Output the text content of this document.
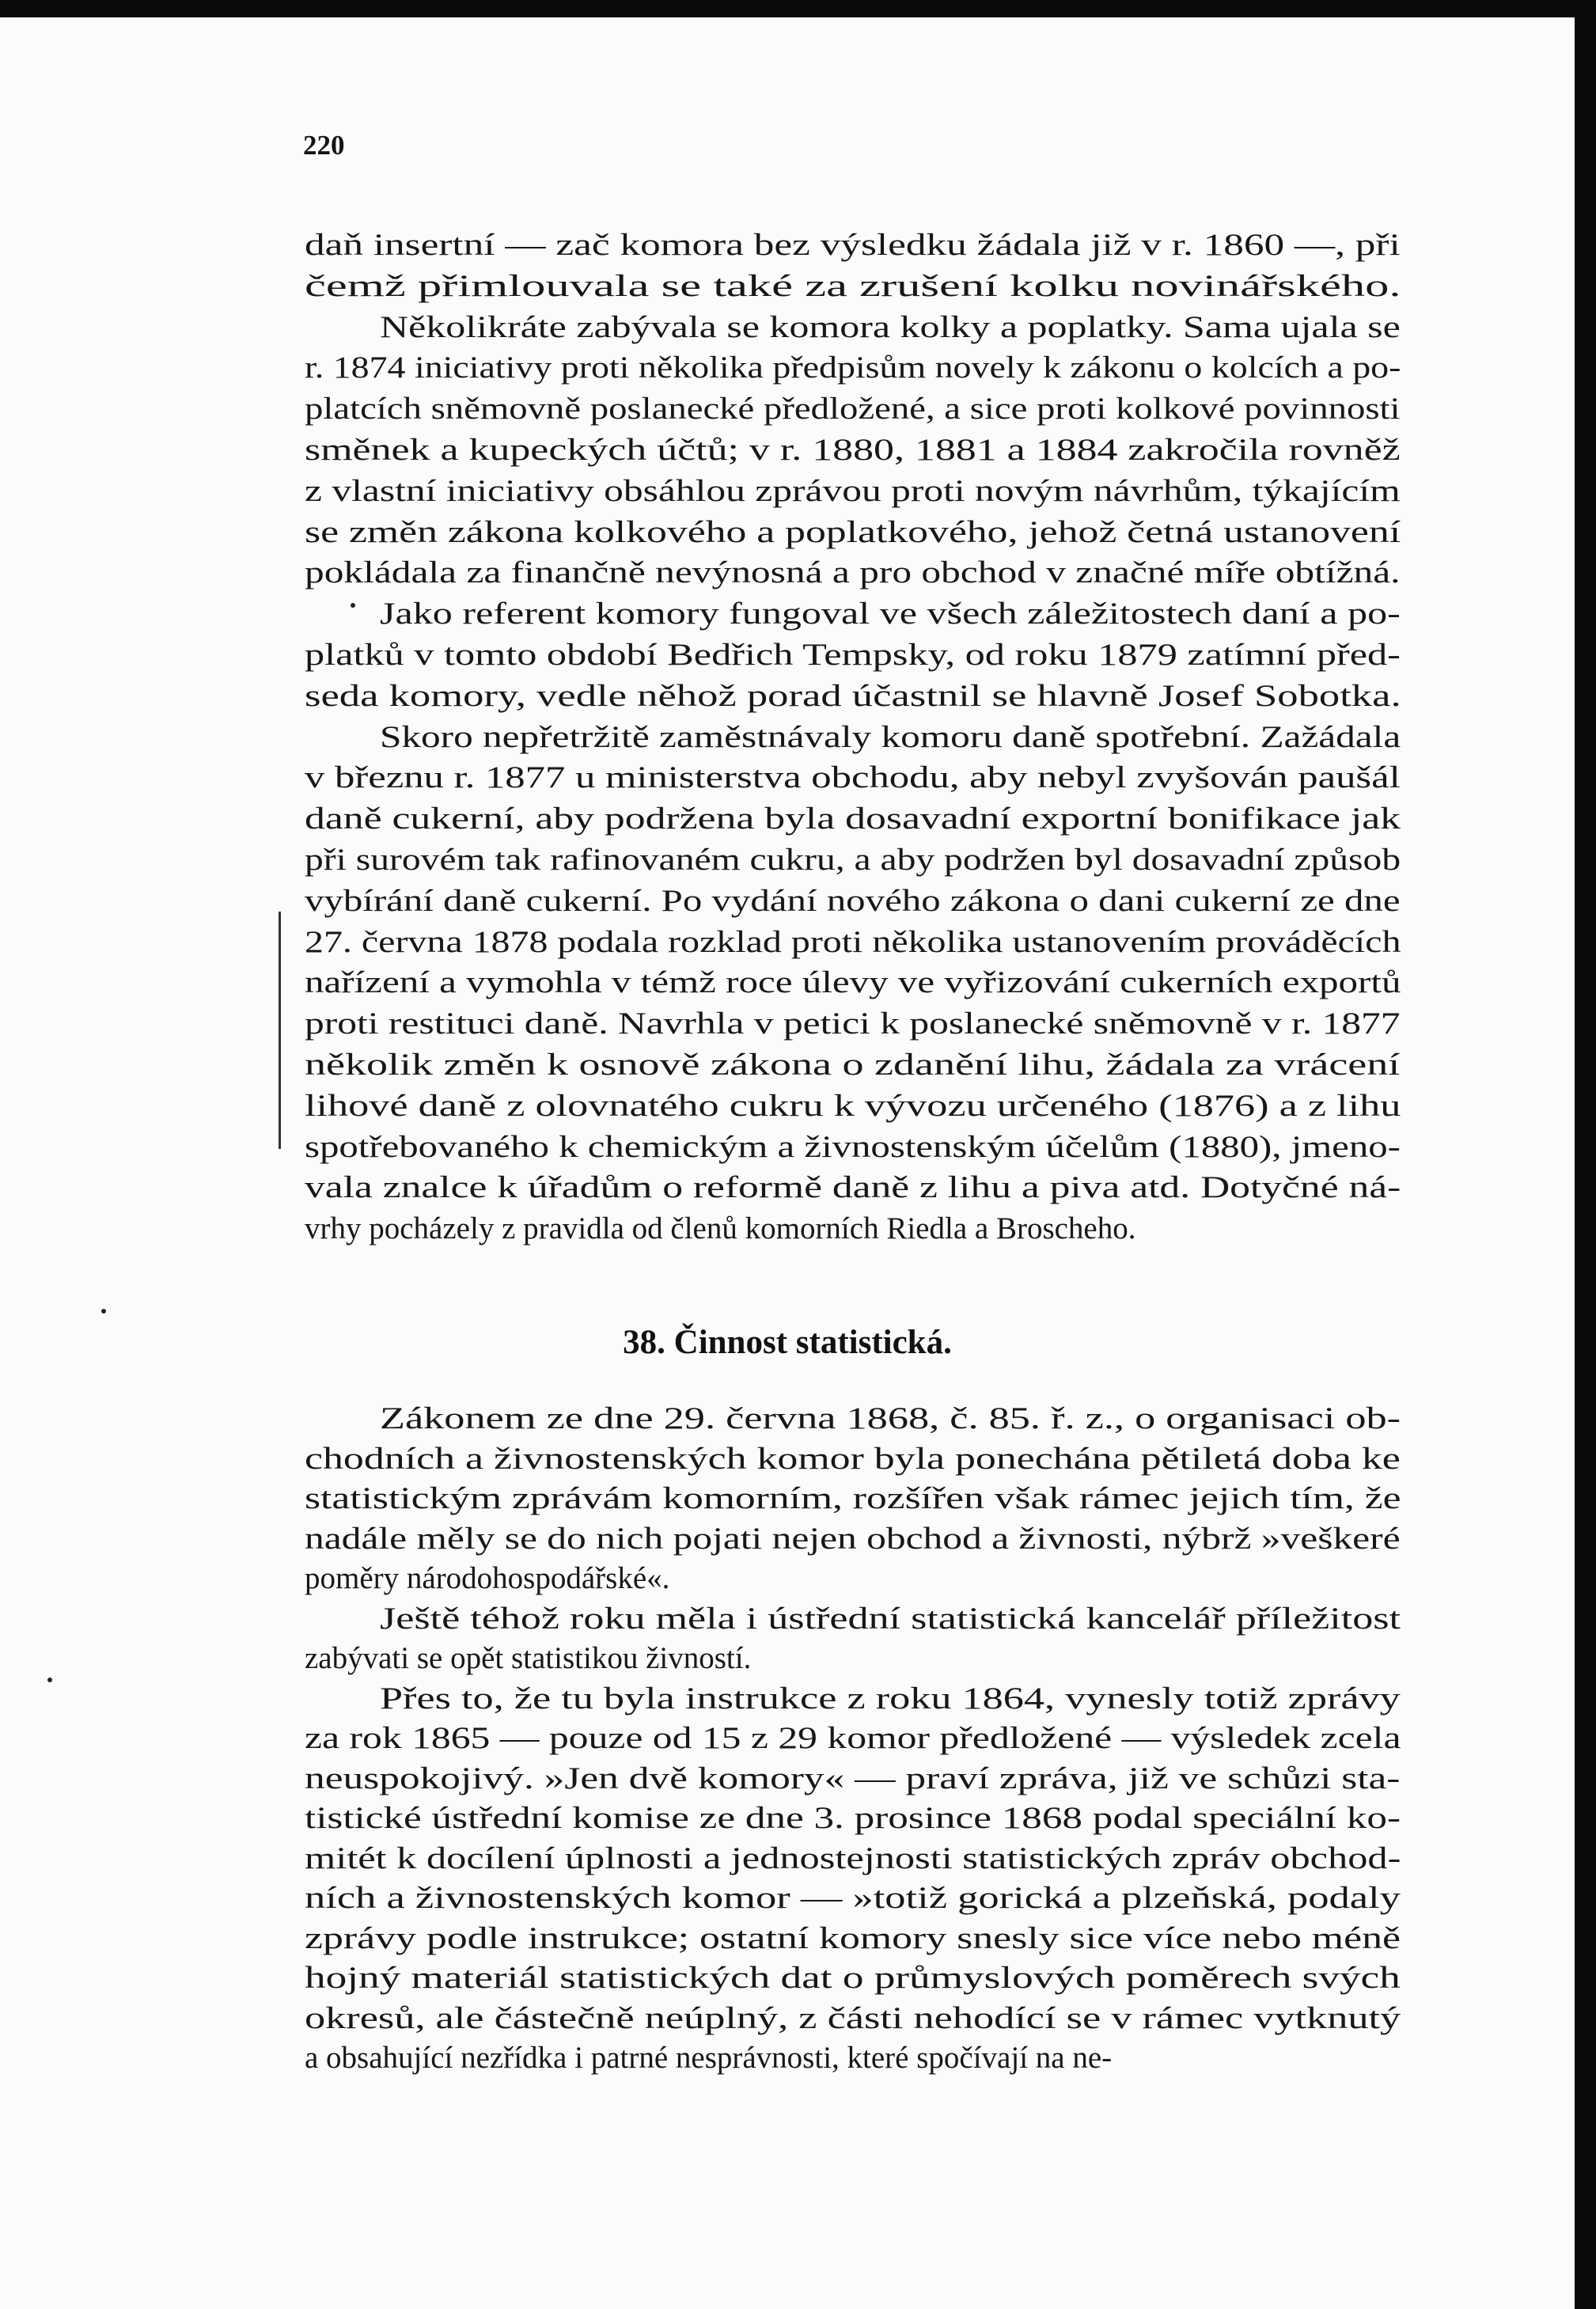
220
daň insertní — zač komora bez výsledku žádala již v r. 1860 —, při
čemž přimlouvala se také za zrušení kolku novinářského.
Několikráte zabývala se komora kolky a poplatky. Sama ujala se
r. 1874 iniciativy proti několika předpisům novely k zákonu o kolcích a po-
platcích sněmovně poslanecké předložené, a sice proti kolkové povinnosti
směnek a kupeckých účtů; v r. 1880, 1881 a 1884 zakročila rovněž
z vlastní iniciativy obsáhlou zprávou proti novým návrhům, týkajícím
se změn zákona kolkového a poplatkového, jehož četná ustanovení
pokládala za finančně nevýnosná a pro obchod v značné míře obtížná.
Jako referent komory fungoval ve všech záležitostech daní a po-
platků v tomto období Bedřich Tempsky, od roku 1879 zatímní před-
seda komory, vedle něhož porad účastnil se hlavně Josef Sobotka.
Skoro nepřetržitě zaměstnávaly komoru daně spotřební. Zažádala
v březnu r. 1877 u ministerstva obchodu, aby nebyl zvyšován paušál
daně cukerní, aby podržena byla dosavadní exportní bonifikace jak
při surovém tak rafinovaném cukru, a aby podržen byl dosavadní způsob
vybírání daně cukerní. Po vydání nového zákona o dani cukerní ze dne
27. června 1878 podala rozklad proti několika ustanovením prováděcích
nařízení a vymohla v témž roce úlevy ve vyřizování cukerních exportů
proti restituci daně. Navrhla v petici k poslanecké sněmovně v r. 1877
několik změn k osnově zákona o zdanění lihu, žádala za vrácení
lihové daně z olovnatého cukru k vývozu určeného (1876) a z lihu
spotřebovaného k chemickým a živnostenským účelům (1880), jmeno-
vala znalce k úřadům o reformě daně z lihu a piva atd. Dotyčné ná-
vrhy pocházely z pravidla od členů komorních Riedla a Broscheho.
38. Činnost statistická.
Zákonem ze dne 29. června 1868, č. 85. ř. z., o organisaci ob-
chodních a živnostenských komor byla ponechána pětiletá doba ke
statistickým zprávám komorním, rozšířen však rámec jejich tím, že
nadále měly se do nich pojati nejen obchod a živnosti, nýbrž »veškeré
poměry národohospodářské«.
Ještě téhož roku měla i ústřední statistická kancelář příležitost
zabývati se opět statistikou živností.
Přes to, že tu byla instrukce z roku 1864, vynesly totiž zprávy
za rok 1865 — pouze od 15 z 29 komor předložené — výsledek zcela
neuspokojivý. »Jen dvě komory« — praví zpráva, již ve schůzi sta-
tistické ústřední komise ze dne 3. prosince 1868 podal speciální ko-
mitét k docílení úplnosti a jednostejnosti statistických zpráv obchod-
ních a živnostenských komor — »totiž gorická a plzeňská, podaly
zprávy podle instrukce; ostatní komory snesly sice více nebo méně
hojný materiál statistických dat o průmyslových poměrech svých
okresů, ale částečně neúplný, z části nehodící se v rámec vytknutý
a obsahující nezřídka i patrné nesprávnosti, které spočívají na ne-
